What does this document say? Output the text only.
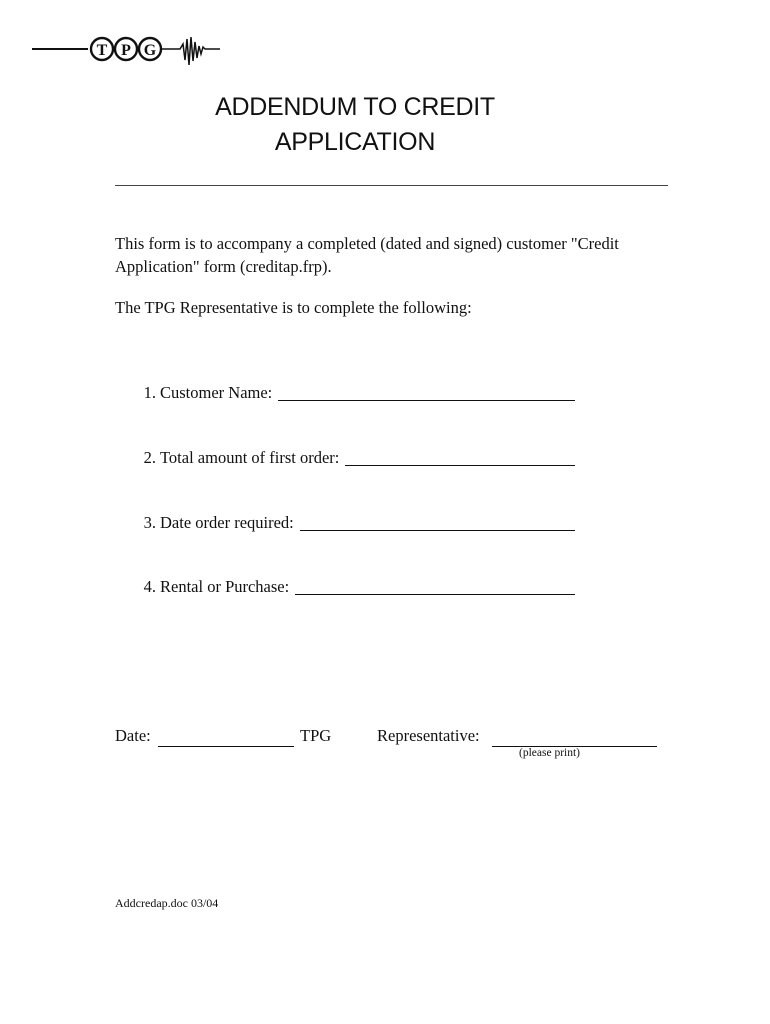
T P G
ADDENDUM TO CREDIT
APPLICATION
This form is to accompany a completed (dated and signed) customer "Credit Application" form (creditap.frp).
The TPG Representative is to complete the following:
1. Customer Name:
2. Total amount of first order:
3. Date order required:
4. Rental or Purchase:
Date:	TPG	Representative:
(please print)
Addcredap.doc 03/04
